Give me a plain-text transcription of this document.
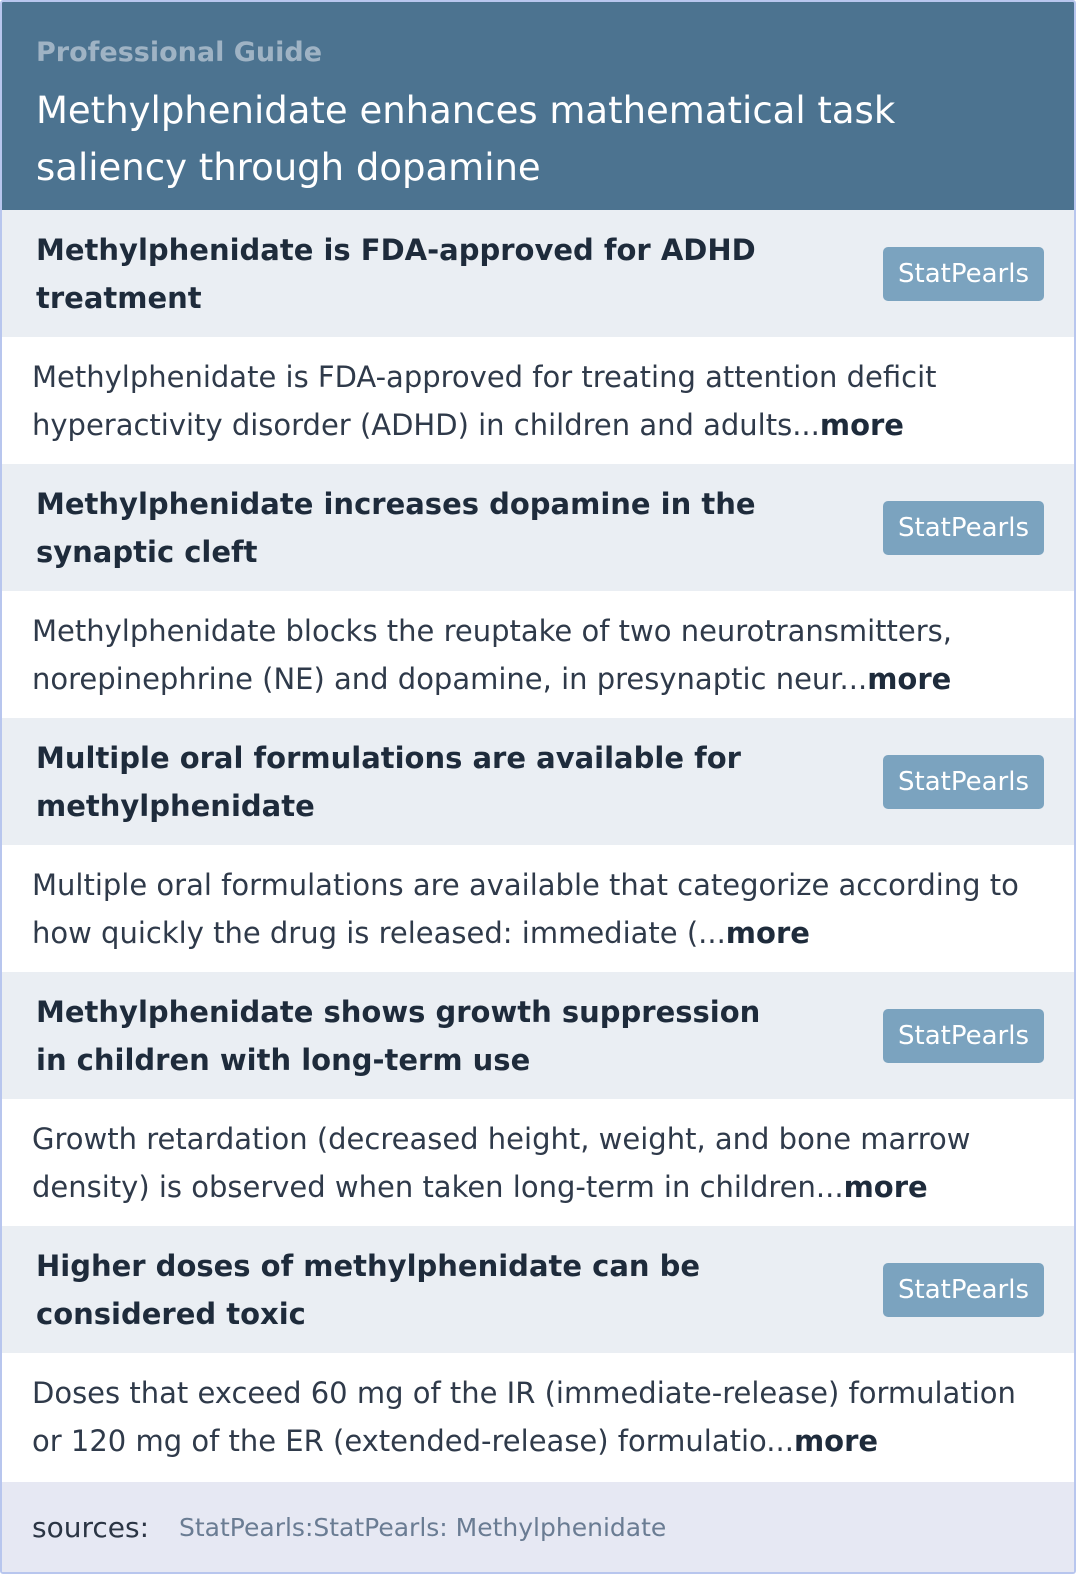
Professional Guide
Methylphenidate enhances mathematical task saliency through dopamine
Methylphenidate is FDA-approved for ADHD treatment
StatPearls
Methylphenidate is FDA-approved for treating attention deficit hyperactivity disorder (ADHD) in children and adults...more
Methylphenidate increases dopamine in the synaptic cleft
StatPearls
Methylphenidate blocks the reuptake of two neurotransmitters, norepinephrine (NE) and dopamine, in presynaptic neur...more
Multiple oral formulations are available for methylphenidate
StatPearls
Multiple oral formulations are available that categorize according to how quickly the drug is released: immediate (...more
Methylphenidate shows growth suppression in children with long-term use
StatPearls
Growth retardation (decreased height, weight, and bone marrow density) is observed when taken long-term in children...more
Higher doses of methylphenidate can be considered toxic
StatPearls
Doses that exceed 60 mg of the IR (immediate-release) formulation or 120 mg of the ER (extended-release) formulatio...more
sources: StatPearls:StatPearls: Methylphenidate
